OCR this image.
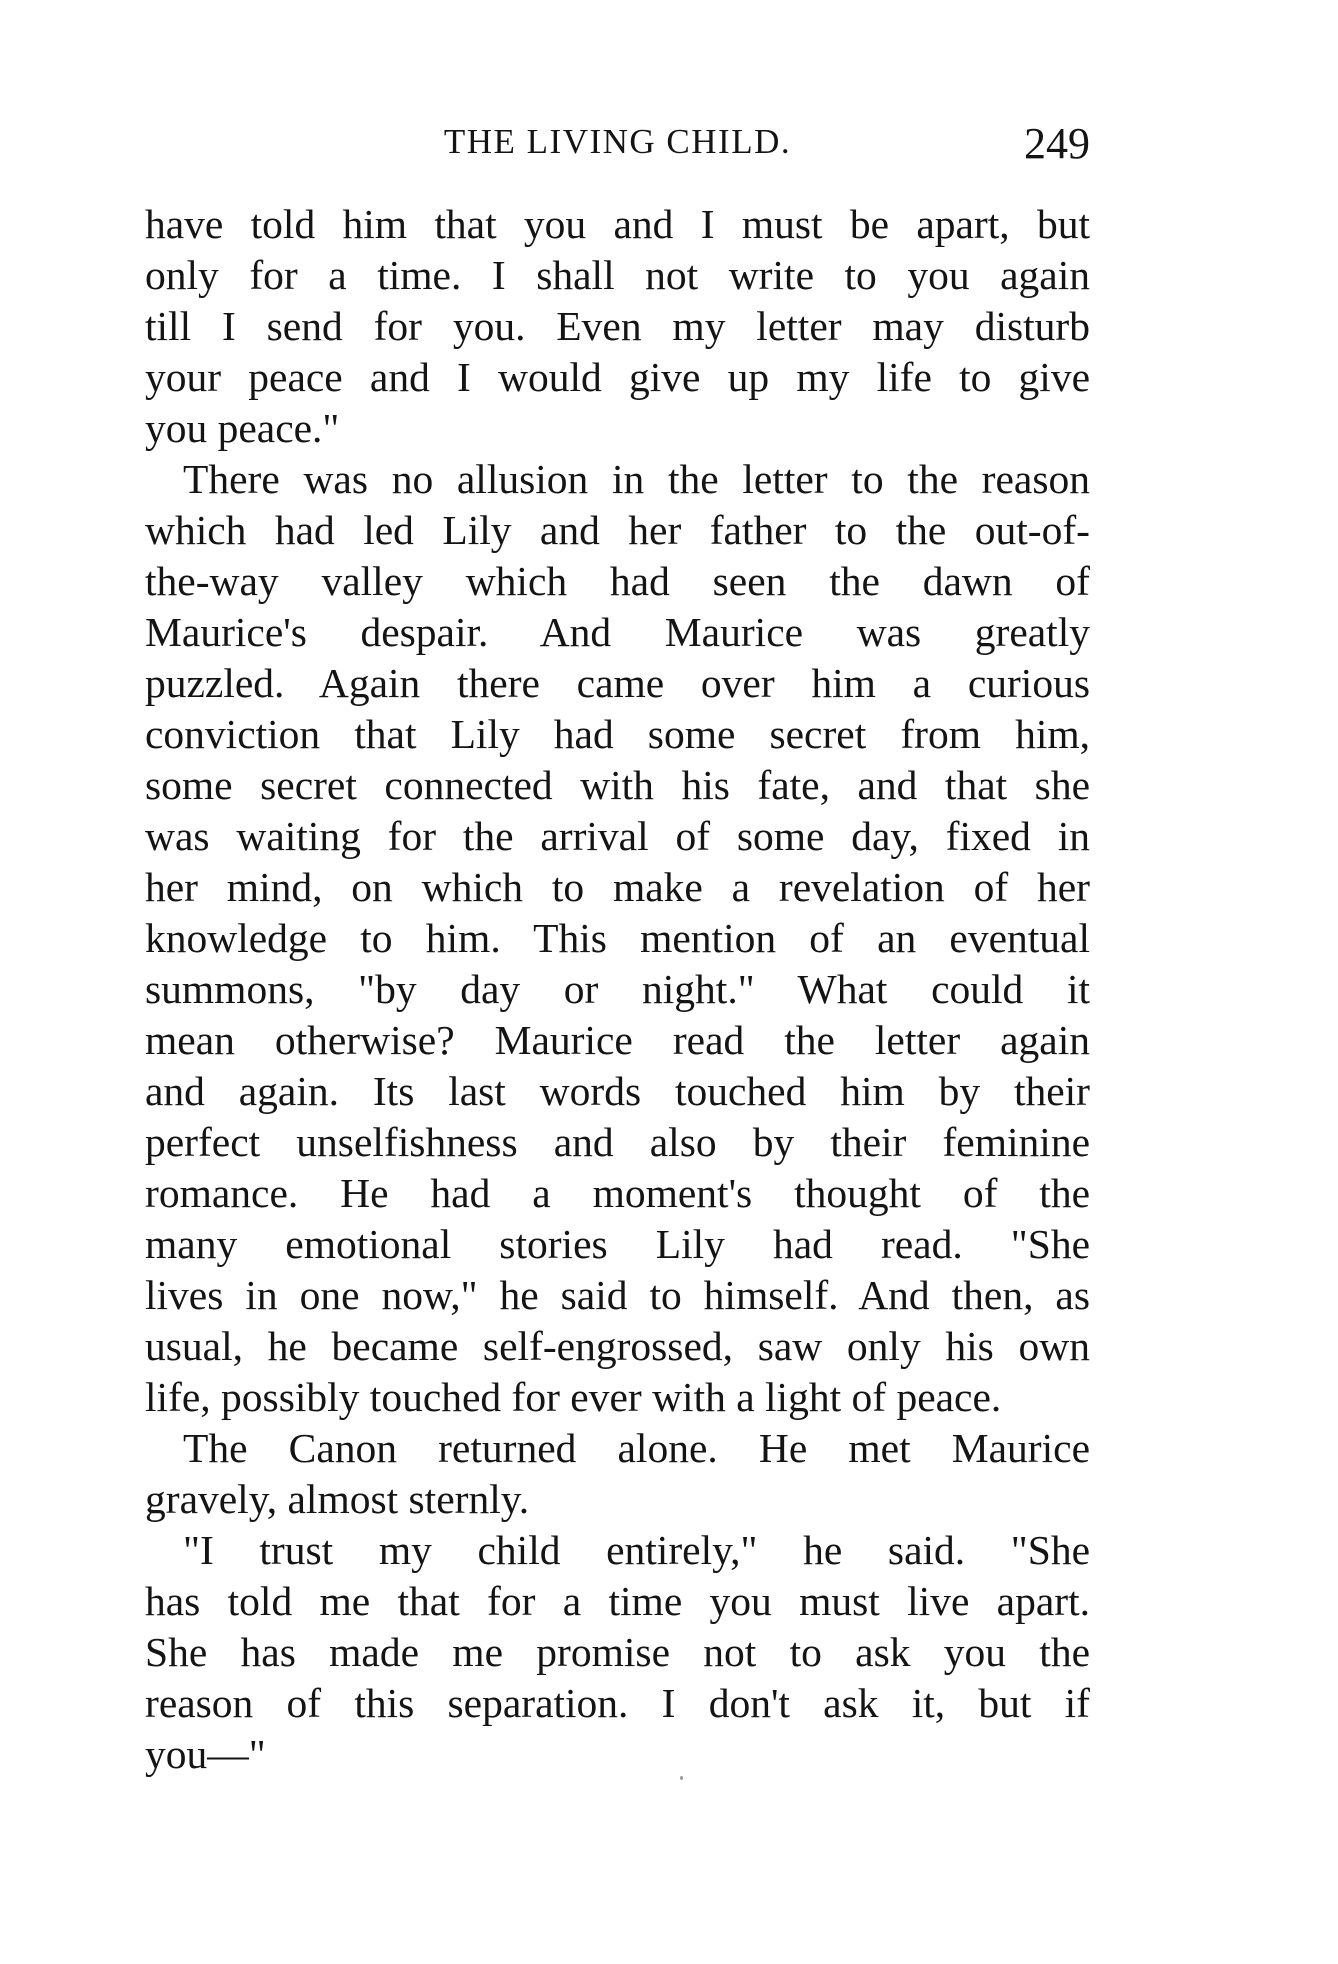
THE LIVING CHILD.	249
have told him that you and I must be apart, but
only for a time. I shall not write to you again
till I send for you. Even my letter may disturb
your peace and I would give up my life to give
you peace."
There was no allusion in the letter to the reason
which had led Lily and her father to the out-of-
the-way valley which had seen the dawn of
Maurice's despair. And Maurice was greatly
puzzled. Again there came over him a curious
conviction that Lily had some secret from him,
some secret connected with his fate, and that she
was waiting for the arrival of some day, fixed in
her mind, on which to make a revelation of her
knowledge to him. This mention of an eventual
summons, "by day or night." What could it
mean otherwise? Maurice read the letter again
and again. Its last words touched him by their
perfect unselfishness and also by their feminine
romance. He had a moment's thought of the
many emotional stories Lily had read. "She
lives in one now," he said to himself. And then, as
usual, he became self-engrossed, saw only his own
life, possibly touched for ever with a light of peace.
The Canon returned alone. He met Maurice
gravely, almost sternly.
"I trust my child entirely," he said. "She
has told me that for a time you must live apart.
She has made me promise not to ask you the
reason of this separation. I don't ask it, but if
you—"
